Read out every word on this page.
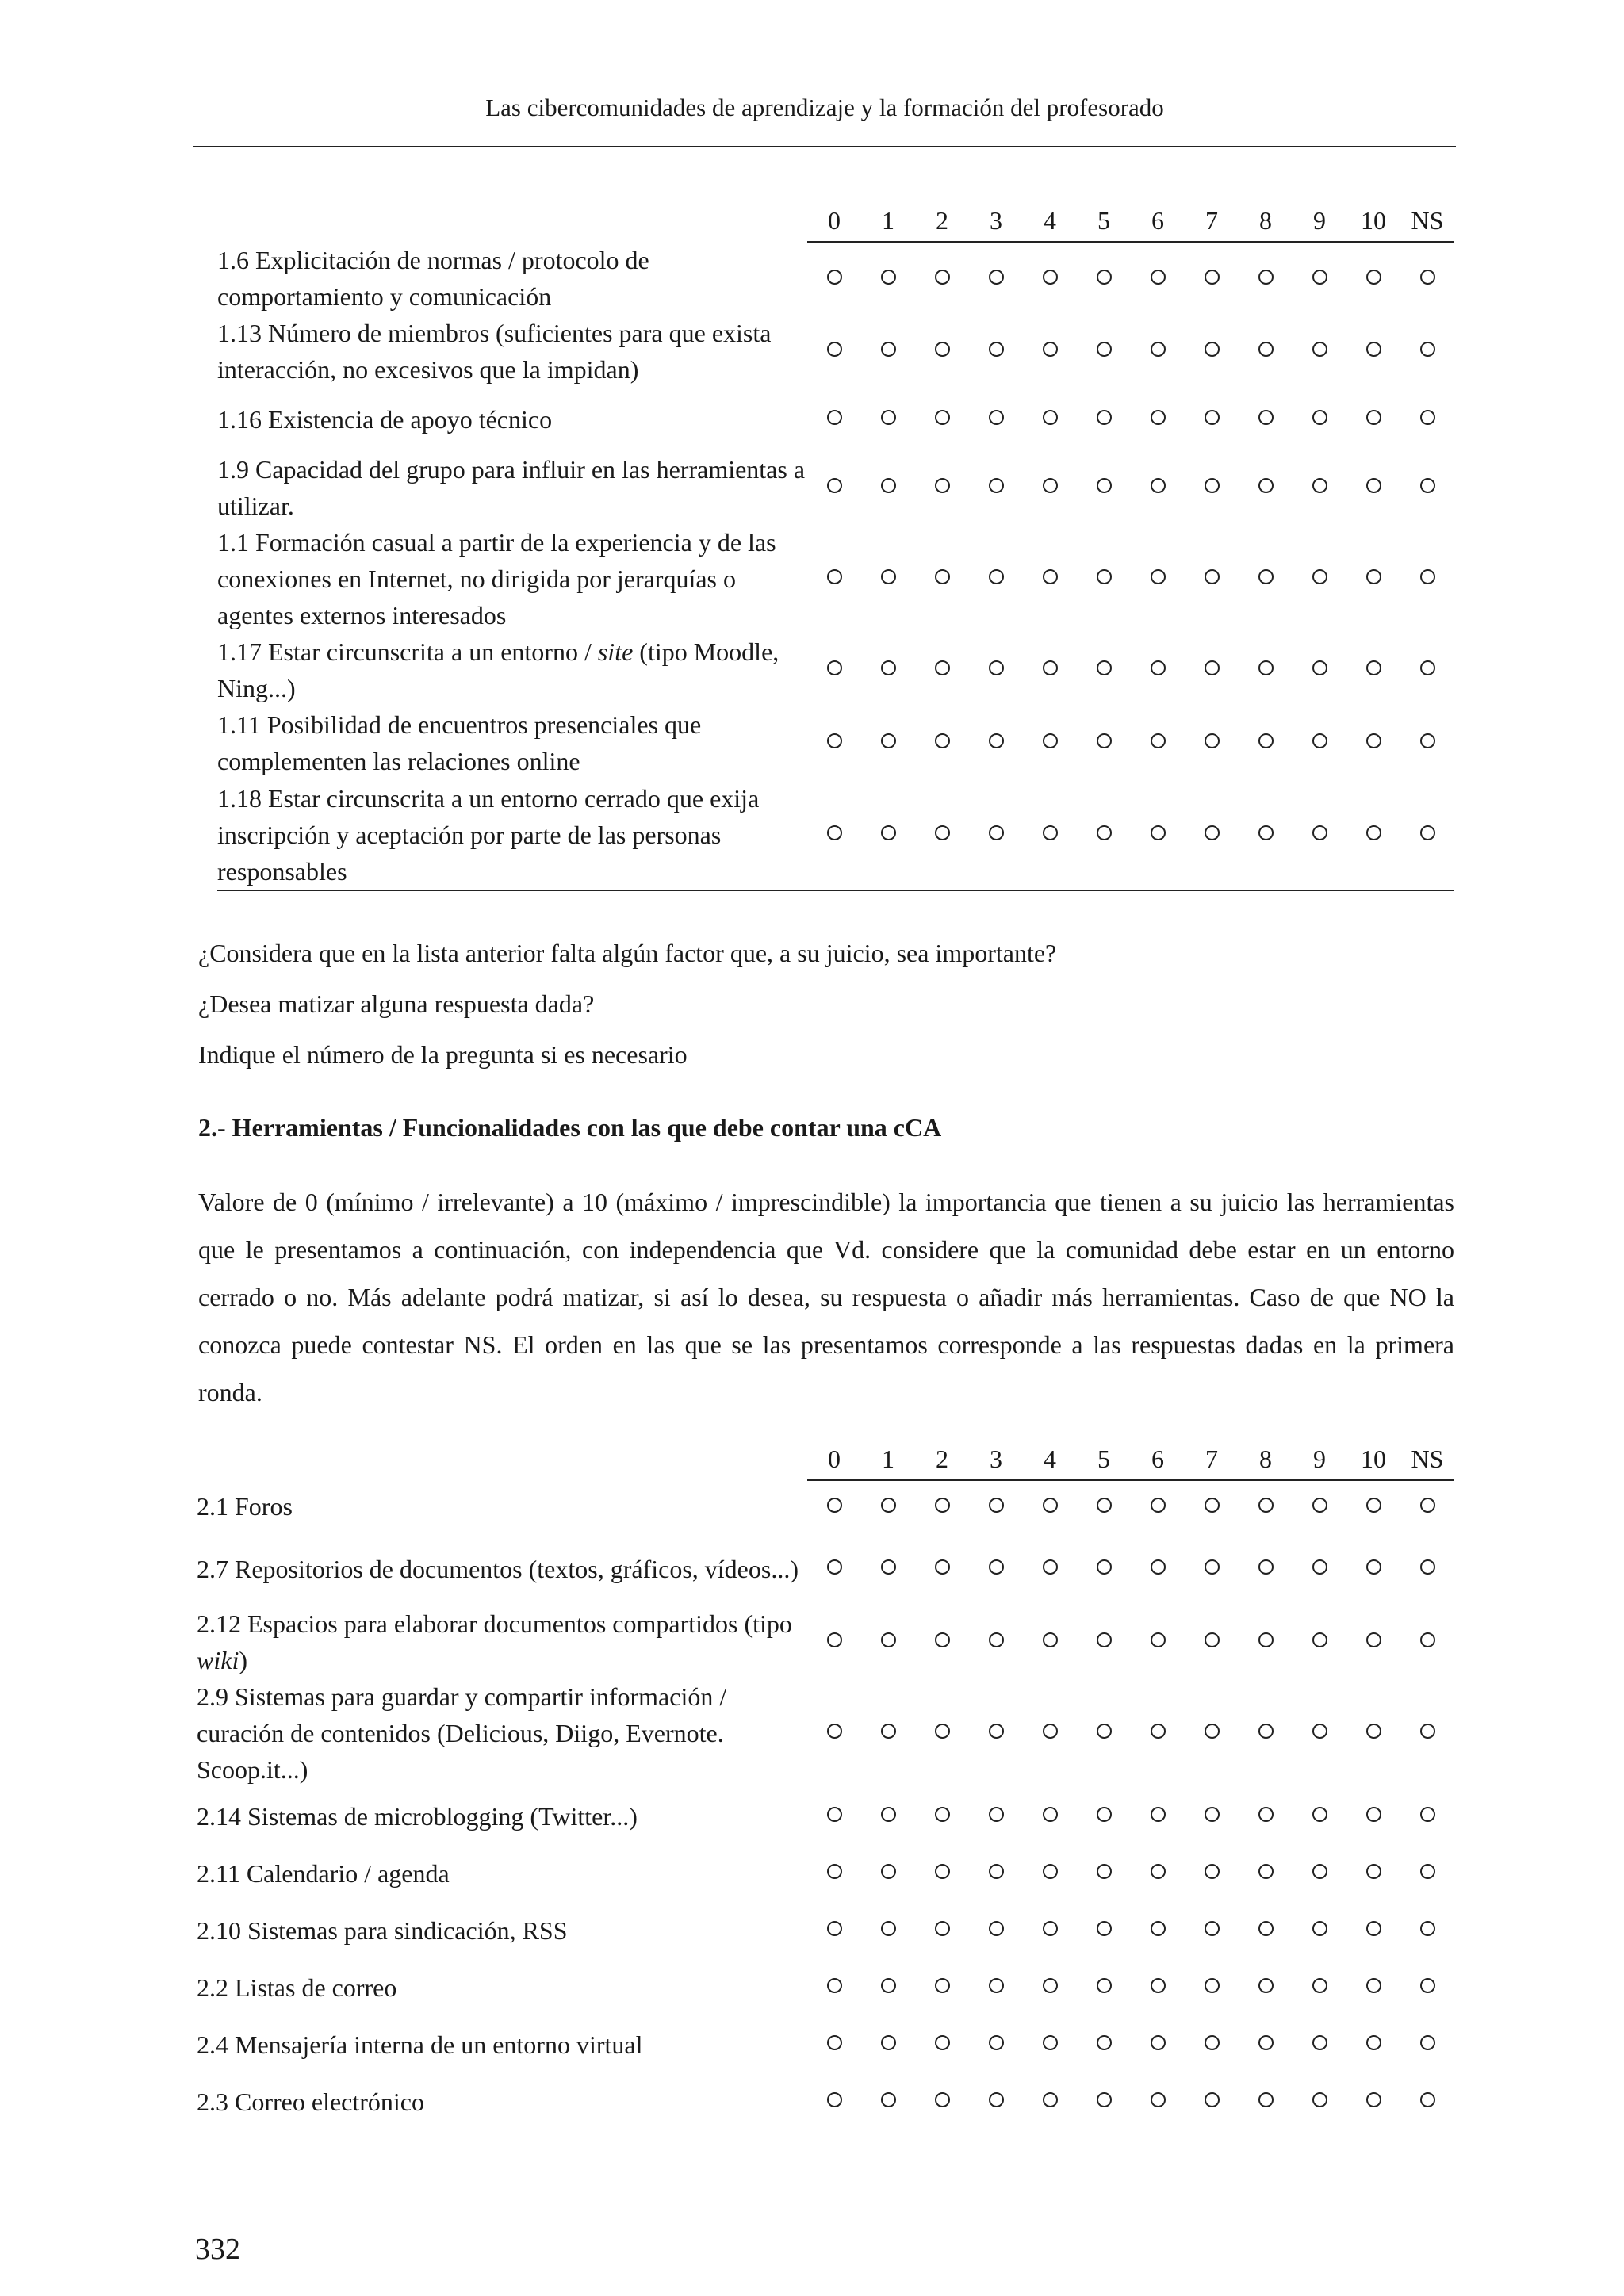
Las cibercomunidades de aprendizaje y la formación del profesorado
	0	1	2	3	4	5	6	7	8	9	10	NS
1.6 Explicitación de normas / protocolo de comportamiento y comunicación												
1.13 Número de miembros (suficientes para que exista interacción, no excesivos que la impidan)												
1.16 Existencia de apoyo técnico												
1.9 Capacidad del grupo para influir en las herramientas a utilizar.												
1.1 Formación casual a partir de la experiencia y de las conexiones en Internet, no dirigida por jerarquías o agentes externos interesados												
1.17 Estar circunscrita a un entorno / site (tipo Moodle, Ning...)												
1.11 Posibilidad de encuentros presenciales que complementen las relaciones online												
1.18 Estar circunscrita a un entorno cerrado que exija inscripción y aceptación por parte de las personas responsables												
¿Considera que en la lista anterior falta algún factor que, a su juicio, sea importante?
¿Desea matizar alguna respuesta dada?
Indique el número de la pregunta si es necesario
2.- Herramientas / Funcionalidades con las que debe contar una cCA
Valore de 0 (mínimo / irrelevante) a 10 (máximo / imprescindible) la importancia que tienen a su juicio las herramientas que le presentamos a continuación, con independencia que Vd. considere que la comunidad debe estar en un entorno cerrado o no. Más adelante podrá matizar, si así lo desea, su respuesta o añadir más herramientas. Caso de que NO la conozca puede contestar NS. El orden en las que se las presentamos corresponde a las respuestas dadas en la primera ronda.
	0	1	2	3	4	5	6	7	8	9	10	NS
2.1 Foros												
2.7 Repositorios de documentos (textos, gráficos, vídeos...)												
2.12 Espacios para elaborar documentos compartidos (tipo wiki)												
2.9 Sistemas para guardar y compartir información / curación de contenidos (Delicious, Diigo, Evernote. Scoop.it...)												
2.14 Sistemas de microblogging (Twitter...)												
2.11 Calendario / agenda												
2.10 Sistemas para sindicación, RSS												
2.2 Listas de correo												
2.4 Mensajería interna de un entorno virtual												
2.3 Correo electrónico												
332
